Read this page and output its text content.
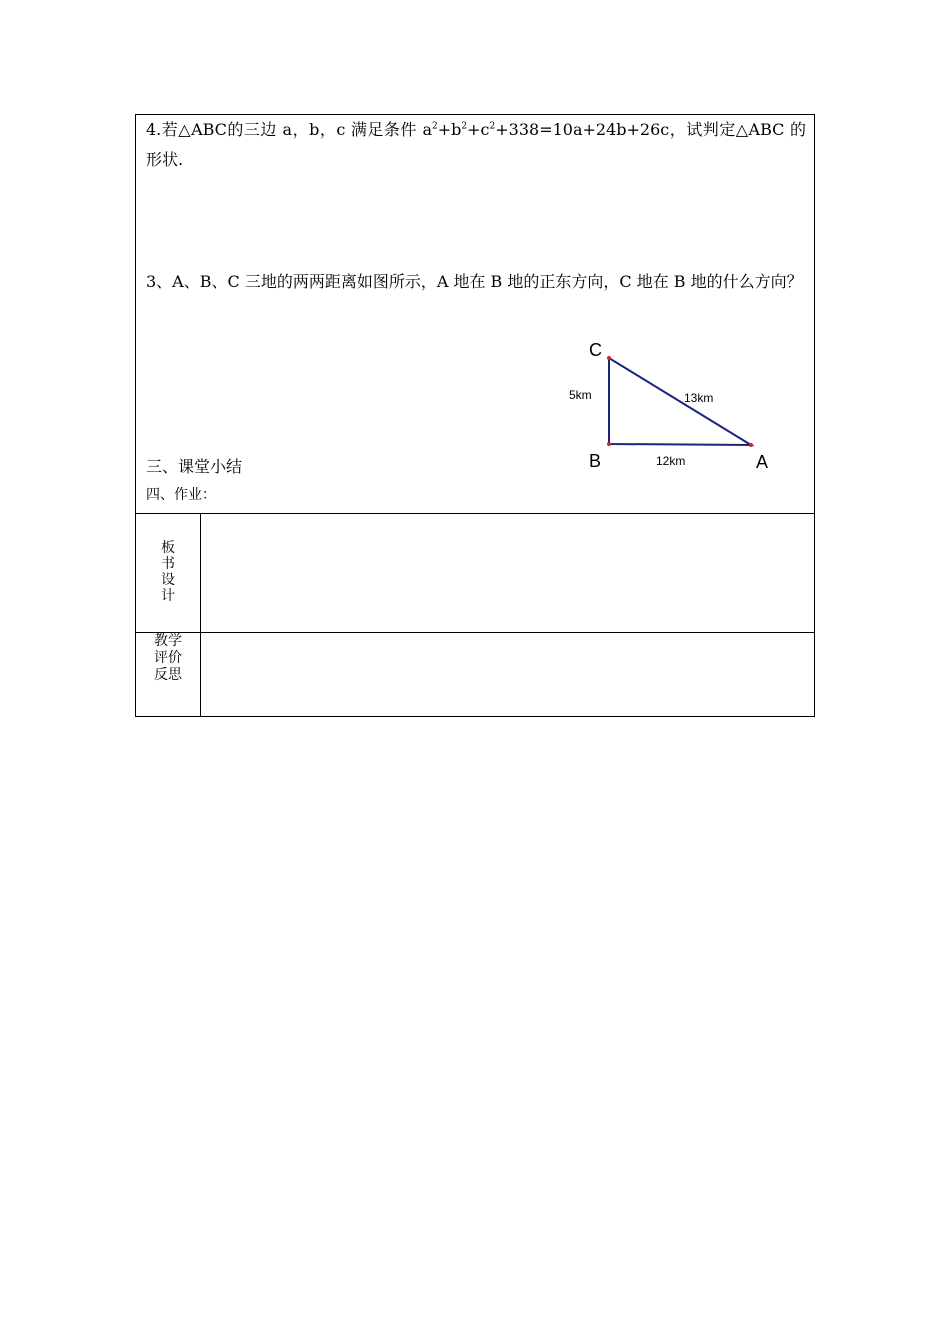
4.若△ABC的三边 a，b，c 满足条件 $a^2+b^2+c^2+338=10a+24b+26c$，试判定△ABC 的形状.
3、A、B、C 三地的两两距离如图所示，A 地在 B 地的正东方向，C 地在 B 地的什么方向？
C
B	A
5km	13km
12km
三、课堂小结
四、作业：
板
书
设
计
教学
评价
反思
